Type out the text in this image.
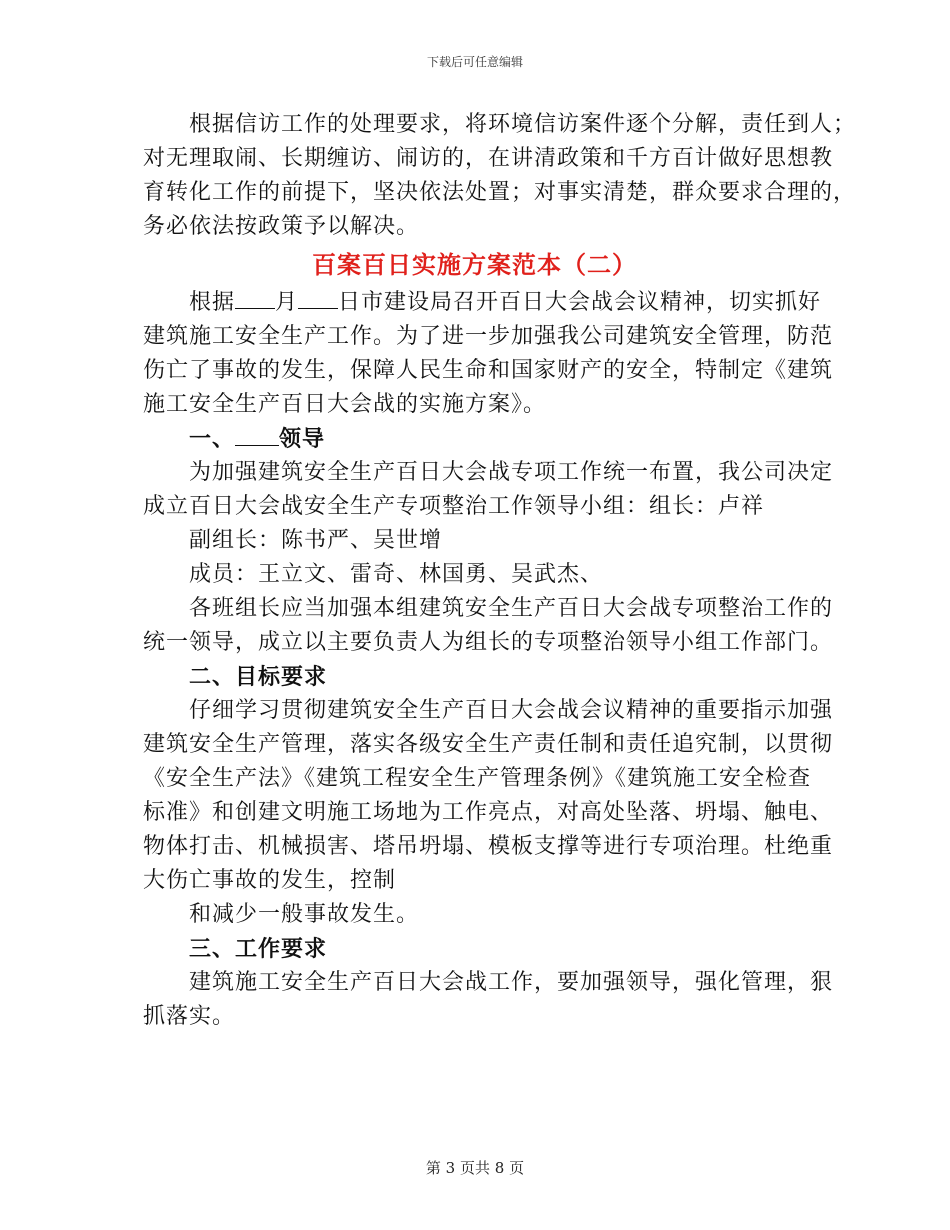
下载后可任意编辑
根据信访工作的处理要求，将环境信访案件逐个分解，责任到人；
对无理取闹、长期缠访、闹访的，在讲清政策和千方百计做好思想教
育转化工作的前提下，坚决依法处置；对事实清楚，群众要求合理的，
务必依法按政策予以解决。
百案百日实施方案范本（二）
根据 月 日市建设局召开百日大会战会议精神，切实抓好
建筑施工安全生产工作。为了进一步加强我公司建筑安全管理，防范
伤亡了事故的发生，保障人民生命和国家财产的安全，特制定《建筑
施工安全生产百日大会战的实施方案》。
一、 领导
为加强建筑安全生产百日大会战专项工作统一布置，我公司决定
成立百日大会战安全生产专项整治工作领导小组：组长：卢祥
副组长：陈书严、吴世增
成员：王立文、雷奇、林国勇、吴武杰、
各班组长应当加强本组建筑安全生产百日大会战专项整治工作的
统一领导，成立以主要负责人为组长的专项整治领导小组工作部门。
二、目标要求
仔细学习贯彻建筑安全生产百日大会战会议精神的重要指示加强
建筑安全生产管理，落实各级安全生产责任制和责任追究制，以贯彻
《安全生产法》《建筑工程安全生产管理条例》《建筑施工安全检查
标准》和创建文明施工场地为工作亮点，对高处坠落、坍塌、触电、
物体打击、机械损害、塔吊坍塌、模板支撑等进行专项治理。杜绝重
大伤亡事故的发生，控制
和减少一般事故发生。
三、工作要求
建筑施工安全生产百日大会战工作，要加强领导，强化管理，狠
抓落实。
第 3 页共 8 页
